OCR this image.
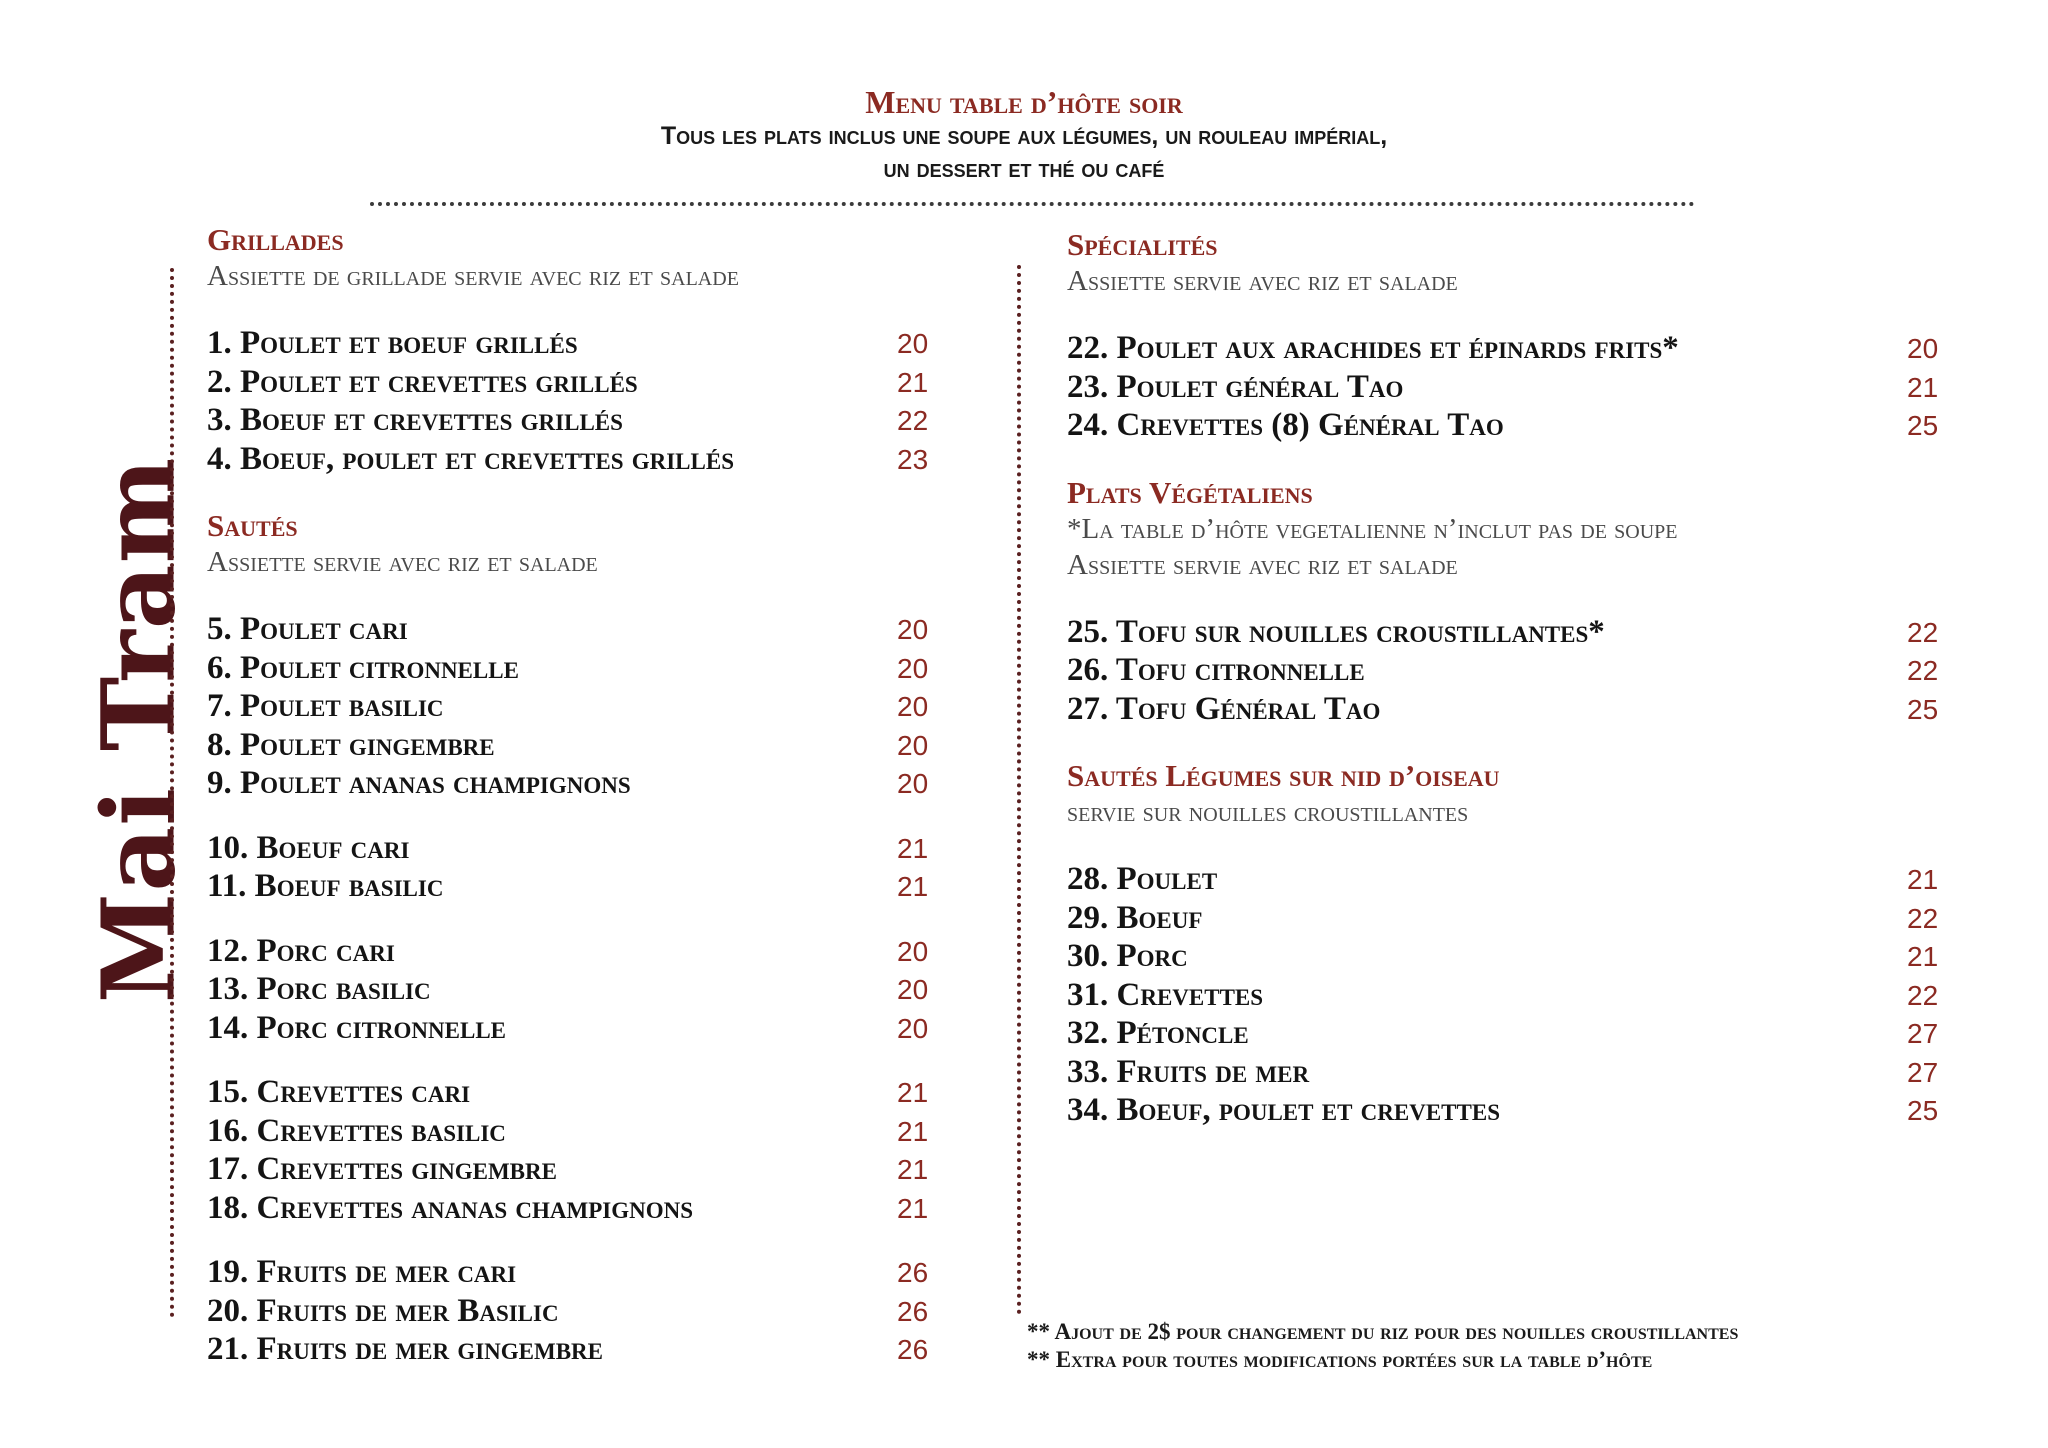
Mai Tram
Menu table d’hôte soir
Tous les plats inclus une soupe aux légumes, un rouleau impérial,
un dessert et thé ou café
Grillades
Assiette de grillade servie avec riz et salade
1. Poulet et boeuf grillés	20
2. Poulet et crevettes grillés	21
3. Boeuf et crevettes grillés	22
4. Boeuf, poulet et crevettes grillés	23
Sautés
Assiette servie avec riz et salade
5. Poulet cari	20
6. Poulet citronnelle	20
7. Poulet basilic	20
8. Poulet gingembre	20
9. Poulet ananas champignons	20
10. Boeuf cari	21
11. Boeuf basilic	21
12. Porc cari	20
13. Porc basilic	20
14. Porc citronnelle	20
15. Crevettes cari	21
16. Crevettes basilic	21
17. Crevettes gingembre	21
18. Crevettes ananas champignons	21
19. Fruits de mer cari	26
20. Fruits de mer Basilic	26
21. Fruits de mer gingembre	26
Spécialités
Assiette servie avec riz et salade
22. Poulet aux arachides et épinards frits*	20
23. Poulet général Tao	21
24. Crevettes (8) Général Tao	25
Plats Végétaliens
*La table d’hôte vegetalienne n’inclut pas de soupe
Assiette servie avec riz et salade
25. Tofu sur nouilles croustillantes*	22
26. Tofu citronnelle	22
27. Tofu Général Tao	25
Sautés Légumes sur nid d’oiseau
servie sur nouilles croustillantes
28. Poulet	21
29. Boeuf	22
30. Porc	21
31. Crevettes	22
32. Pétoncle	27
33. Fruits de mer	27
34. Boeuf, poulet et crevettes	25
** Ajout de 2$ pour changement du riz pour des nouilles croustillantes
** Extra pour toutes modifications portées sur la table d’hôte
